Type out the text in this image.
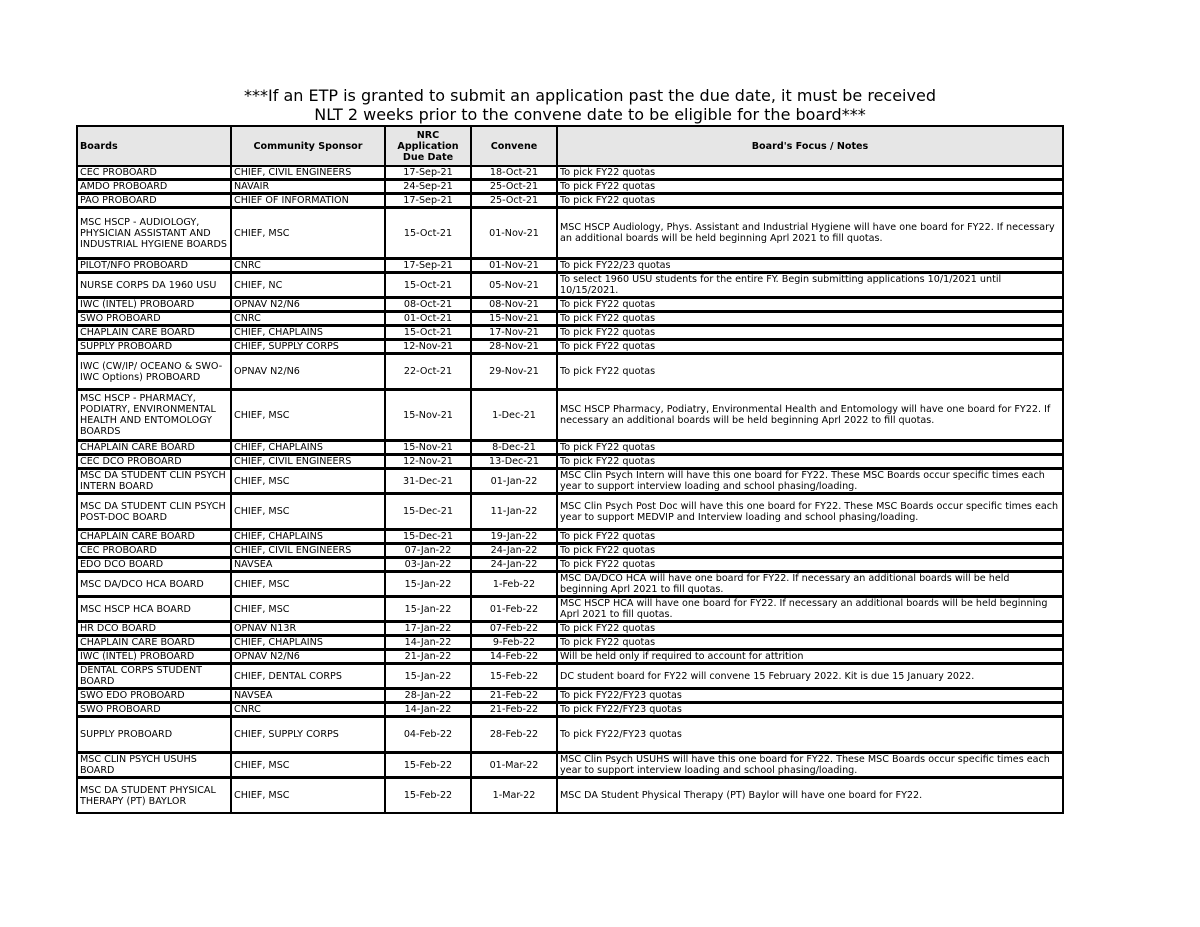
***If an ETP is granted to submit an application past the due date, it must be received
NLT 2 weeks prior to the convene date to be eligible for the board***
Boards	Community Sponsor	NRC Application Due Date	Convene	Board's Focus / Notes
CEC PROBOARD	CHIEF, CIVIL ENGINEERS	17-Sep-21	18-Oct-21	To pick FY22 quotas
AMDO PROBOARD	NAVAIR	24-Sep-21	25-Oct-21	To pick FY22 quotas
PAO PROBOARD	CHIEF OF INFORMATION	17-Sep-21	25-Oct-21	To pick FY22 quotas
MSC HSCP - AUDIOLOGY, PHYSICIAN ASSISTANT AND INDUSTRIAL HYGIENE BOARDS	CHIEF, MSC	15-Oct-21	01-Nov-21	MSC HSCP Audiology, Phys. Assistant and Industrial Hygiene will have one board for FY22. If necessary an additional boards will be held beginning Aprl 2021 to fill quotas.
PILOT/NFO PROBOARD	CNRC	17-Sep-21	01-Nov-21	To pick FY22/23 quotas
NURSE CORPS DA 1960 USU	CHIEF, NC	15-Oct-21	05-Nov-21	To select 1960 USU students for the entire FY. Begin submitting applications 10/1/2021 until 10/15/2021.
IWC (INTEL) PROBOARD	OPNAV N2/N6	08-Oct-21	08-Nov-21	To pick FY22 quotas
SWO PROBOARD	CNRC	01-Oct-21	15-Nov-21	To pick FY22 quotas
CHAPLAIN CARE BOARD	CHIEF, CHAPLAINS	15-Oct-21	17-Nov-21	To pick FY22 quotas
SUPPLY PROBOARD	CHIEF, SUPPLY CORPS	12-Nov-21	28-Nov-21	To pick FY22 quotas
IWC (CW/IP/ OCEANO & SWO-IWC Options) PROBOARD	OPNAV N2/N6	22-Oct-21	29-Nov-21	To pick FY22 quotas
MSC HSCP - PHARMACY, PODIATRY, ENVIRONMENTAL HEALTH AND ENTOMOLOGY BOARDS	CHIEF, MSC	15-Nov-21	1-Dec-21	MSC HSCP Pharmacy, Podiatry, Environmental Health and Entomology will have one board for FY22. If necessary an additional boards will be held beginning Aprl 2022 to fill quotas.
CHAPLAIN CARE BOARD	CHIEF, CHAPLAINS	15-Nov-21	8-Dec-21	To pick FY22 quotas
CEC DCO PROBOARD	CHIEF, CIVIL ENGINEERS	12-Nov-21	13-Dec-21	To pick FY22 quotas
MSC DA STUDENT CLIN PSYCH INTERN BOARD	CHIEF, MSC	31-Dec-21	01-Jan-22	MSC Clin Psych Intern will have this one board for FY22. These MSC Boards occur specific times each year to support interview loading and school phasing/loading.
MSC DA STUDENT CLIN PSYCH POST-DOC BOARD	CHIEF, MSC	15-Dec-21	11-Jan-22	MSC Clin Psych Post Doc will have this one board for FY22. These MSC Boards occur specific times each year to support MEDVIP and Interview loading and school phasing/loading.
CHAPLAIN CARE BOARD	CHIEF, CHAPLAINS	15-Dec-21	19-Jan-22	To pick FY22 quotas
CEC PROBOARD	CHIEF, CIVIL ENGINEERS	07-Jan-22	24-Jan-22	To pick FY22 quotas
EDO DCO BOARD	NAVSEA	03-Jan-22	24-Jan-22	To pick FY22 quotas
MSC DA/DCO HCA BOARD	CHIEF, MSC	15-Jan-22	1-Feb-22	MSC DA/DCO HCA will have one board for FY22. If necessary an additional boards will be held beginning Aprl 2021 to fill quotas.
MSC HSCP HCA BOARD	CHIEF, MSC	15-Jan-22	01-Feb-22	MSC HSCP HCA will have one board for FY22. If necessary an additional boards will be held beginning Aprl 2021 to fill quotas.
HR DCO BOARD	OPNAV N13R	17-Jan-22	07-Feb-22	To pick FY22 quotas
CHAPLAIN CARE BOARD	CHIEF, CHAPLAINS	14-Jan-22	9-Feb-22	To pick FY22 quotas
IWC (INTEL) PROBOARD	OPNAV N2/N6	21-Jan-22	14-Feb-22	Will be held only if required to account for attrition
DENTAL CORPS STUDENT BOARD	CHIEF, DENTAL CORPS	15-Jan-22	15-Feb-22	DC student board for FY22 will convene 15 February 2022. Kit is due 15 January 2022.
SWO EDO PROBOARD	NAVSEA	28-Jan-22	21-Feb-22	To pick FY22/FY23 quotas
SWO PROBOARD	CNRC	14-Jan-22	21-Feb-22	To pick FY22/FY23 quotas
SUPPLY PROBOARD	CHIEF, SUPPLY CORPS	04-Feb-22	28-Feb-22	To pick FY22/FY23 quotas
MSC CLIN PSYCH USUHS BOARD	CHIEF, MSC	15-Feb-22	01-Mar-22	MSC Clin Psych USUHS will have this one board for FY22. These MSC Boards occur specific times each year to support interview loading and school phasing/loading.
MSC DA STUDENT PHYSICAL THERAPY (PT) BAYLOR	CHIEF, MSC	15-Feb-22	1-Mar-22	MSC DA Student Physical Therapy (PT) Baylor will have one board for FY22.
